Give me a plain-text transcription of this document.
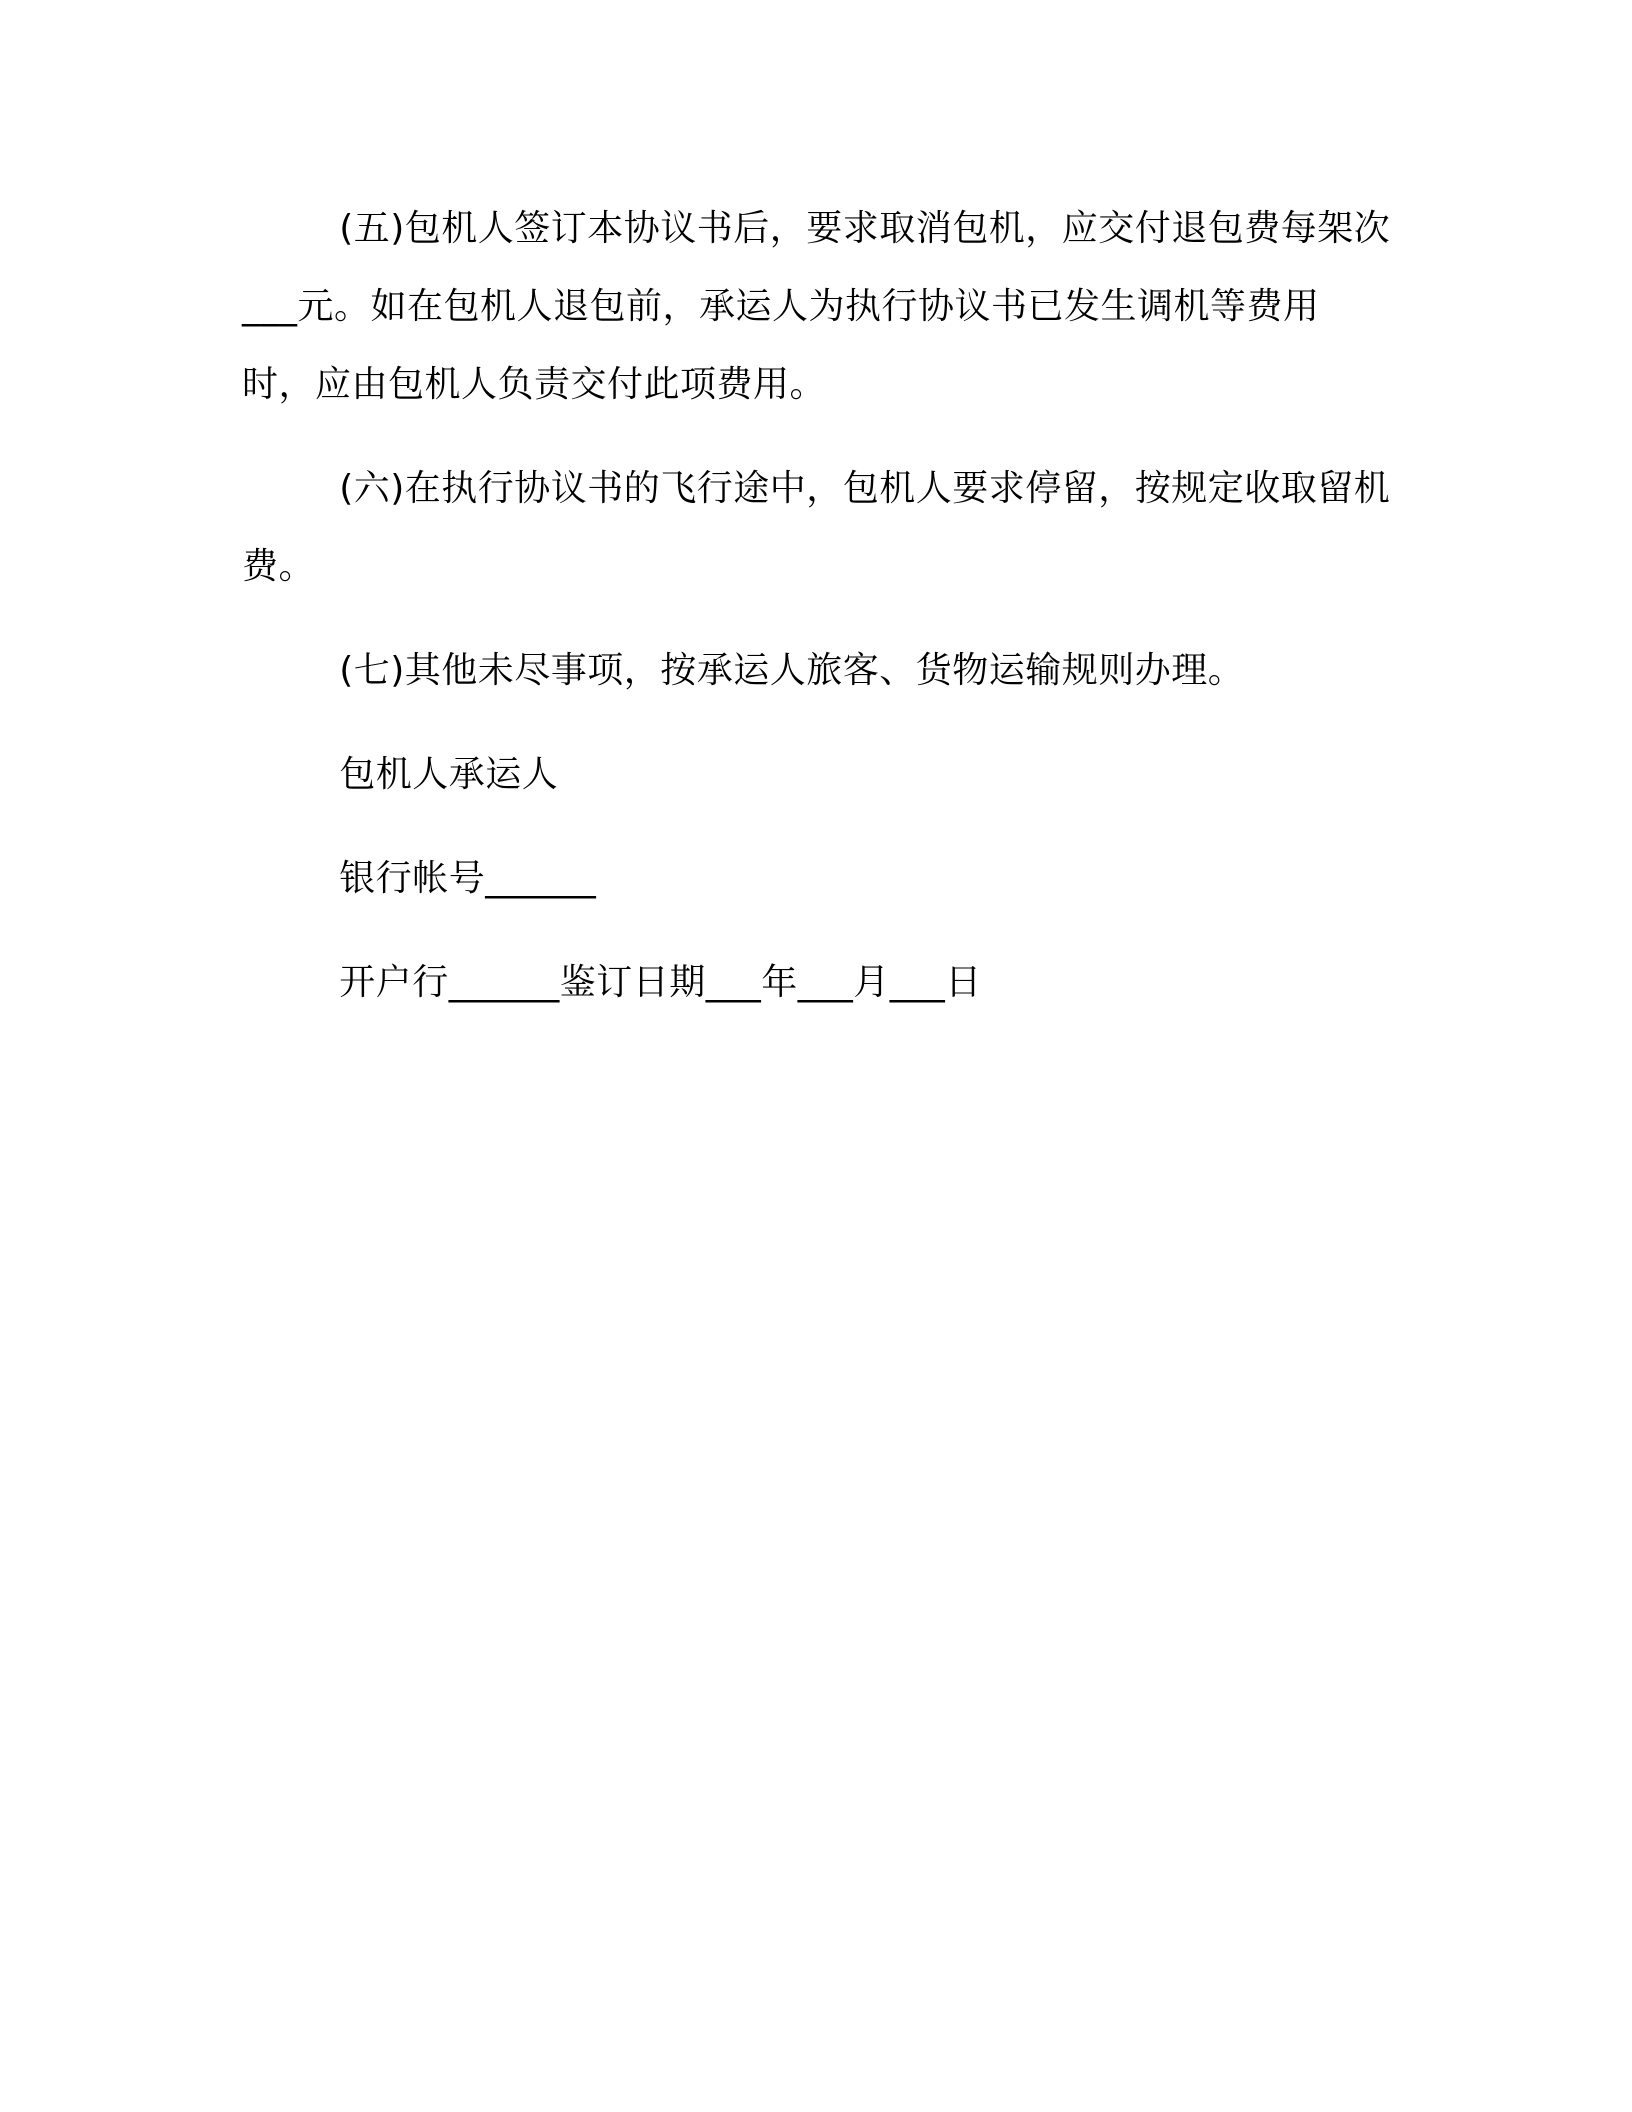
(五)包机人签订本协议书后，要求取消包机，应交付退包费每架次___元。如在包机人退包前，承运人为执行协议书已发生调机等费用时，应由包机人负责交付此项费用。

(六)在执行协议书的飞行途中，包机人要求停留，按规定收取留机费。

(七)其他未尽事项，按承运人旅客、货物运输规则办理。

包机人承运人

银行帐号______

开户行______鉴订日期___年___月___日
